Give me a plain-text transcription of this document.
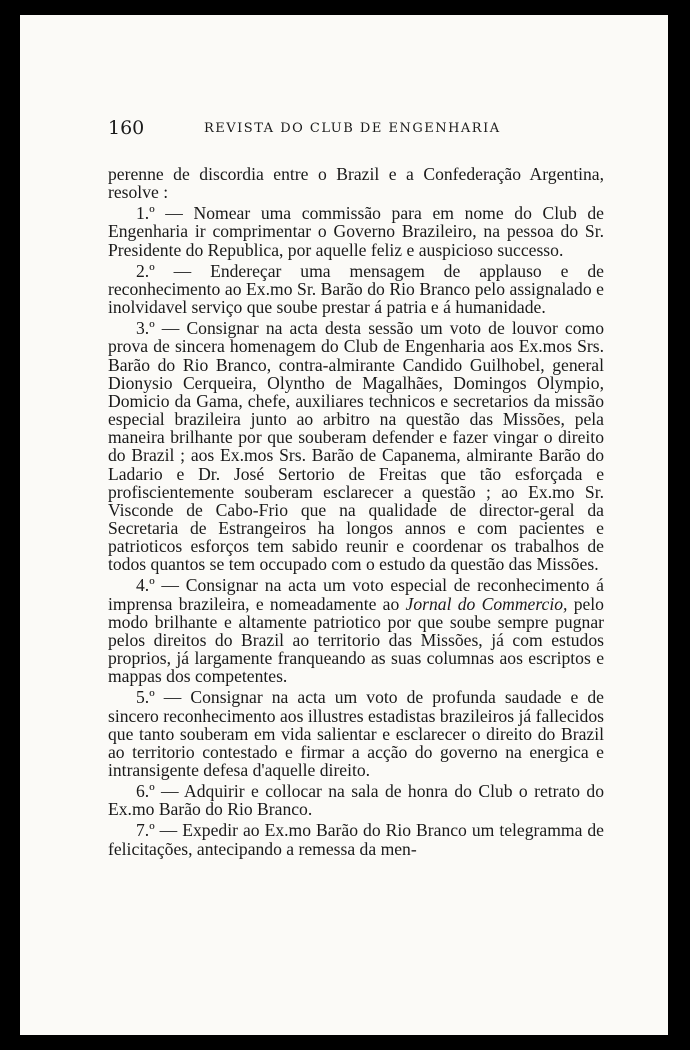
160	REVISTA DO CLUB DE ENGENHARIA

perenne de discordia entre o Brazil e a Confederação Argentina, resolve :

1.º — Nomear uma commissão para em nome do Club de Engenharia ir comprimentar o Governo Brazileiro, na pessoa do Sr. Presidente do Republica, por aquelle feliz e auspicioso successo.

2.º — Endereçar uma mensagem de applauso e de reconhecimento ao Ex.mo Sr. Barão do Rio Branco pelo assignalado e inolvidavel serviço que soube prestar á patria e á humanidade.

3.º — Consignar na acta desta sessão um voto de louvor como prova de sincera homenagem do Club de Engenharia aos Ex.mos Srs. Barão do Rio Branco, contra-almirante Candido Guilhobel, general Dionysio Cerqueira, Olyntho de Magalhães, Domingos Olympio, Domicio da Gama, chefe, auxiliares technicos e secretarios da missão especial brazileira junto ao arbitro na questão das Missões, pela maneira brilhante por que souberam defender e fazer vingar o direito do Brazil ; aos Ex.mos Srs. Barão de Capanema, almirante Barão do Ladario e Dr. José Sertorio de Freitas que tão esforçada e profiscientemente souberam esclarecer a questão ; ao Ex.mo Sr. Visconde de Cabo-Frio que na qualidade de director-geral da Secretaria de Estrangeiros ha longos annos e com pacientes e patrioticos esforços tem sabido reunir e coordenar os trabalhos de todos quantos se tem occupado com o estudo da questão das Missões.

4.º — Consignar na acta um voto especial de reconhecimento á imprensa brazileira, e nomeadamente ao Jornal do Commercio, pelo modo brilhante e altamente patriotico por que soube sempre pugnar pelos direitos do Brazil ao territorio das Missões, já com estudos proprios, já largamente franqueando as suas columnas aos escriptos e mappas dos competentes.

5.º — Consignar na acta um voto de profunda saudade e de sincero reconhecimento aos illustres estadistas brazileiros já fallecidos que tanto souberam em vida salientar e esclarecer o direito do Brazil ao territorio contestado e firmar a acção do governo na energica e intransigente defesa d'aquelle direito.

6.º — Adquirir e collocar na sala de honra do Club o retrato do Ex.mo Barão do Rio Branco.

7.º — Expedir ao Ex.mo Barão do Rio Branco um telegramma de felicitações, antecipando a remessa da men-
